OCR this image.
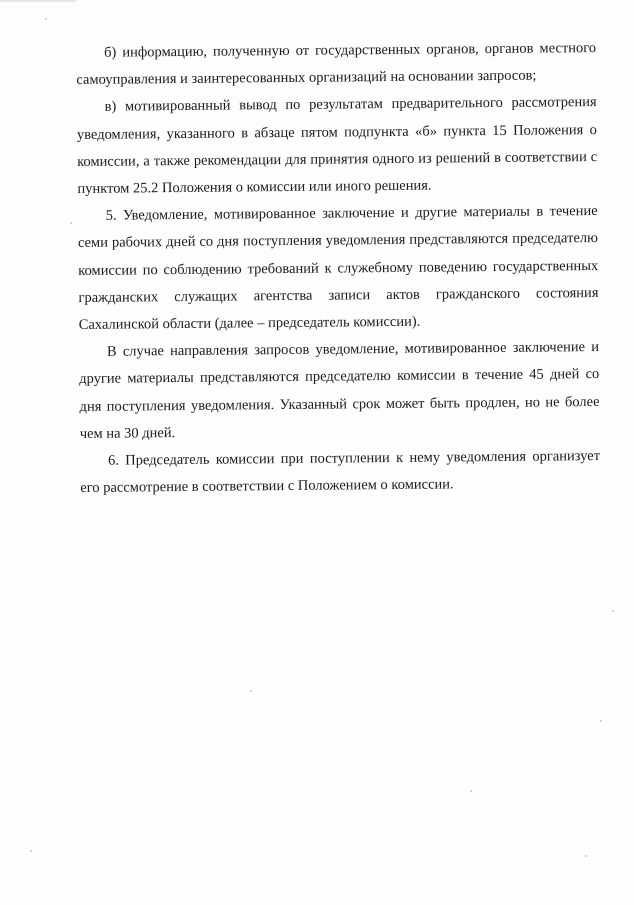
б) информацию, полученную от государственных органов, органов местного самоуправления и заинтересованных организаций на основании запросов;

в) мотивированный вывод по результатам предварительного рассмотрения уведомления, указанного в абзаце пятом подпункта «б» пункта 15 Положения о комиссии, а также рекомендации для принятия одного из решений в соответствии с пунктом 25.2 Положения о комиссии или иного решения.

5. Уведомление, мотивированное заключение и другие материалы в течение семи рабочих дней со дня поступления уведомления представляются председателю комиссии по соблюдению требований к служебному поведению государственных гражданских служащих агентства записи актов гражданского состояния Сахалинской области (далее – председатель комиссии).

В случае направления запросов уведомление, мотивированное заключение и другие материалы представляются председателю комиссии в течение 45 дней со дня поступления уведомления. Указанный срок может быть продлен, но не более чем на 30 дней.

6. Председатель комиссии при поступлении к нему уведомления организует его рассмотрение в соответствии с Положением о комиссии.
